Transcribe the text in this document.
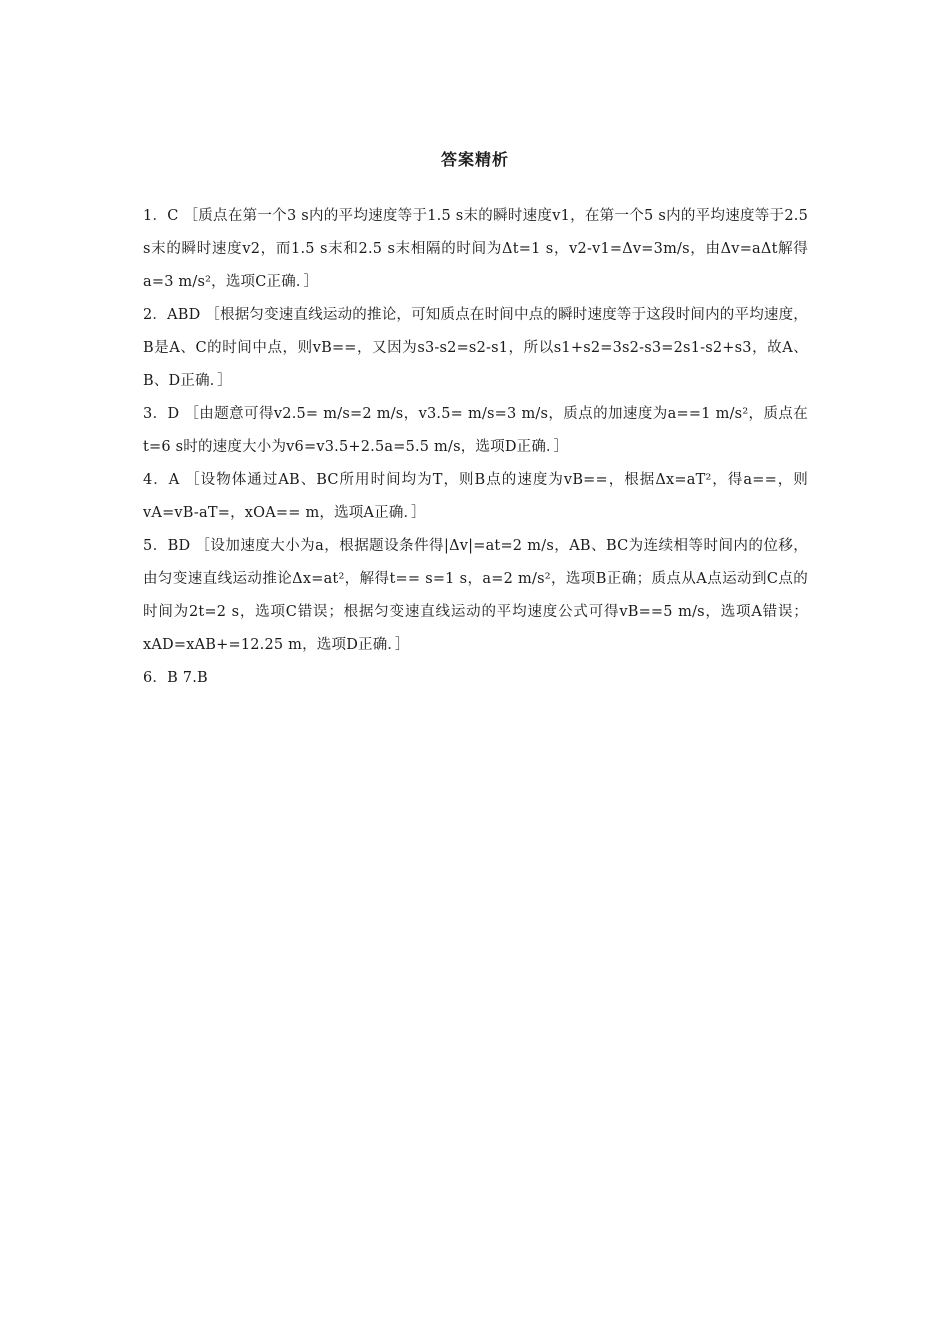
答案精析
1．C ［质点在第一个3 s内的平均速度等于1.5 s末的瞬时速度v1，在第一个5 s内的平均速度等于2.5 s末的瞬时速度v2，而1.5 s末和2.5 s末相隔的时间为Δt=1 s，v2-v1=Δv=3m/s，由Δv=aΔt解得a=3 m/s²，选项C正确．］
2．ABD ［根据匀变速直线运动的推论，可知质点在时间中点的瞬时速度等于这段时间内的平均速度，B是A、C的时间中点，则vB==，又因为s3-s2=s2-s1，所以s1+s2=3s2-s3=2s1-s2+s3，故A、B、D正确．］
3．D ［由题意可得v2.5= m/s=2 m/s，v3.5= m/s=3 m/s，质点的加速度为a==1 m/s²，质点在t=6 s时的速度大小为v6=v3.5+2.5a=5.5 m/s，选项D正确．］
4．A ［设物体通过AB、BC所用时间均为T，则B点的速度为vB==，根据Δx=aT²，得a==，则vA=vB-aT=，xOA== m，选项A正确．］
5．BD ［设加速度大小为a，根据题设条件得|Δv|=at=2 m/s，AB、BC为连续相等时间内的位移，由匀变速直线运动推论Δx=at²，解得t== s=1 s，a=2 m/s²，选项B正确；质点从A点运动到C点的时间为2t=2 s，选项C错误；根据匀变速直线运动的平均速度公式可得vB==5 m/s，选项A错误；xAD=xAB+=12.25 m，选项D正确．］
6．B 7.B
